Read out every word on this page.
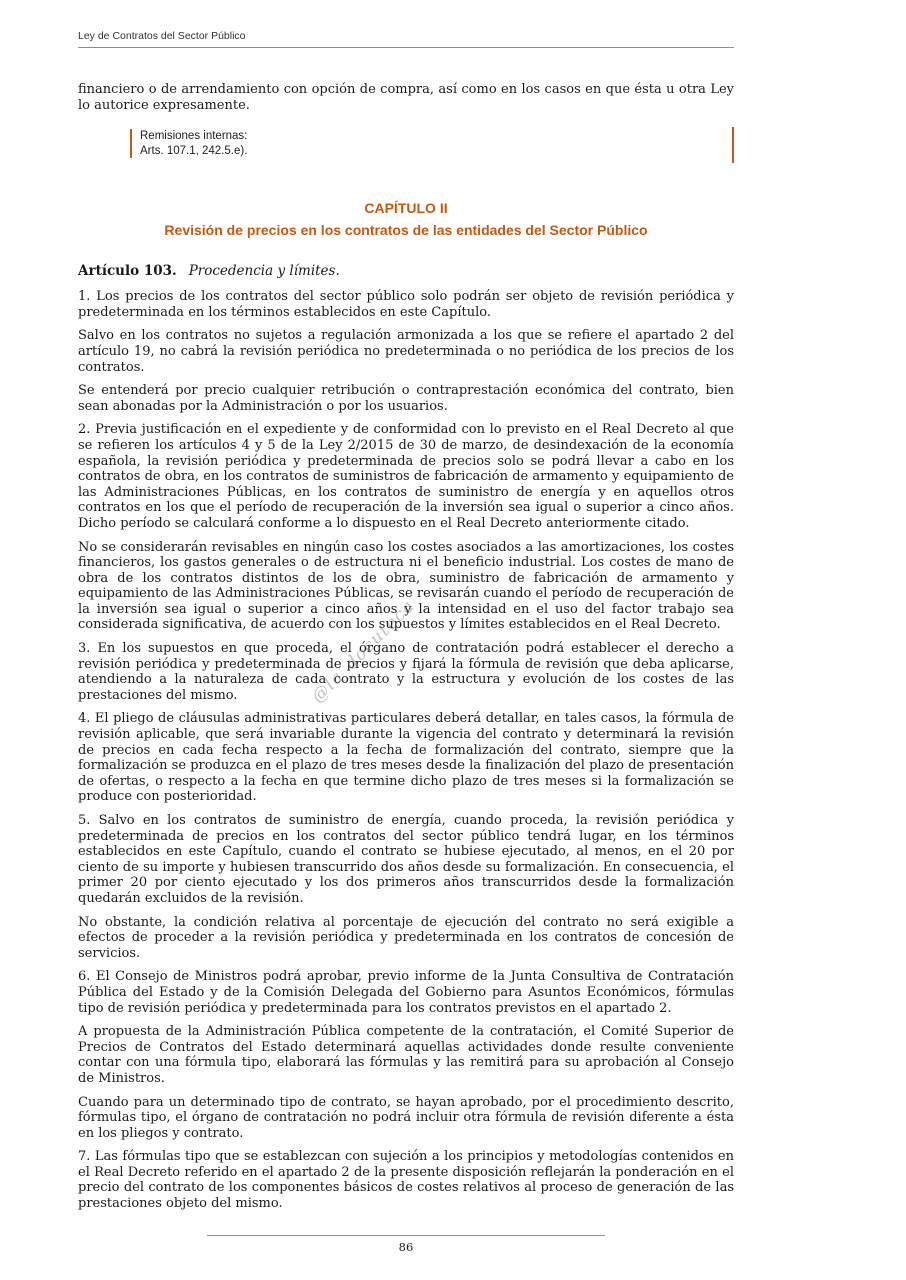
Ley de Contratos del Sector Público

financiero o de arrendamiento con opción de compra, así como en los casos en que ésta u otra Ley lo autorice expresamente.

Remisiones internas:
Arts. 107.1, 242.5.e).
CAPÍTULO II
Revisión de precios en los contratos de las entidades del Sector Público

Artículo 103. Procedencia y límites.

1. Los precios de los contratos del sector público solo podrán ser objeto de revisión periódica y predeterminada en los términos establecidos en este Capítulo.

Salvo en los contratos no sujetos a regulación armonizada a los que se refiere el apartado 2 del artículo 19, no cabrá la revisión periódica no predeterminada o no periódica de los precios de los contratos.

Se entenderá por precio cualquier retribución o contraprestación económica del contrato, bien sean abonadas por la Administración o por los usuarios.

2. Previa justificación en el expediente y de conformidad con lo previsto en el Real Decreto al que se refieren los artículos 4 y 5 de la Ley 2/2015 de 30 de marzo, de desindexación de la economía española, la revisión periódica y predeterminada de precios solo se podrá llevar a cabo en los contratos de obra, en los contratos de suministros de fabricación de armamento y equipamiento de las Administraciones Públicas, en los contratos de suministro de energía y en aquellos otros contratos en los que el período de recuperación de la inversión sea igual o superior a cinco años. Dicho período se calculará conforme a lo dispuesto en el Real Decreto anteriormente citado.

No se considerarán revisables en ningún caso los costes asociados a las amortizaciones, los costes financieros, los gastos generales o de estructura ni el beneficio industrial. Los costes de mano de obra de los contratos distintos de los de obra, suministro de fabricación de armamento y equipamiento de las Administraciones Públicas, se revisarán cuando el período de recuperación de la inversión sea igual o superior a cinco años y la intensidad en el uso del factor trabajo sea considerada significativa, de acuerdo con los supuestos y límites establecidos en el Real Decreto.

3. En los supuestos en que proceda, el órgano de contratación podrá establecer el derecho a revisión periódica y predeterminada de precios y fijará la fórmula de revisión que deba aplicarse, atendiendo a la naturaleza de cada contrato y la estructura y evolución de los costes de las prestaciones del mismo.

4. El pliego de cláusulas administrativas particulares deberá detallar, en tales casos, la fórmula de revisión aplicable, que será invariable durante la vigencia del contrato y determinará la revisión de precios en cada fecha respecto a la fecha de formalización del contrato, siempre que la formalización se produzca en el plazo de tres meses desde la finalización del plazo de presentación de ofertas, o respecto a la fecha en que termine dicho plazo de tres meses si la formalización se produce con posterioridad.

5. Salvo en los contratos de suministro de energía, cuando proceda, la revisión periódica y predeterminada de precios en los contratos del sector público tendrá lugar, en los términos establecidos en este Capítulo, cuando el contrato se hubiese ejecutado, al menos, en el 20 por ciento de su importe y hubiesen transcurrido dos años desde su formalización. En consecuencia, el primer 20 por ciento ejecutado y los dos primeros años transcurridos desde la formalización quedarán excluidos de la revisión.

No obstante, la condición relativa al porcentaje de ejecución del contrato no será exigible a efectos de proceder a la revisión periódica y predeterminada en los contratos de concesión de servicios.

6. El Consejo de Ministros podrá aprobar, previo informe de la Junta Consultiva de Contratación Pública del Estado y de la Comisión Delegada del Gobierno para Asuntos Económicos, fórmulas tipo de revisión periódica y predeterminada para los contratos previstos en el apartado 2.

A propuesta de la Administración Pública competente de la contratación, el Comité Superior de Precios de Contratos del Estado determinará aquellas actividades donde resulte conveniente contar con una fórmula tipo, elaborará las fórmulas y las remitirá para su aprobación al Consejo de Ministros.

Cuando para un determinado tipo de contrato, se hayan aprobado, por el procedimiento descrito, fórmulas tipo, el órgano de contratación no podrá incluir otra fórmula de revisión diferente a ésta en los pliegos y contrato.

7. Las fórmulas tipo que se establezcan con sujeción a los principios y metodologías contenidos en el Real Decreto referido en el apartado 2 de la presente disposición reflejarán la ponderación en el precio del contrato de los componentes básicos de costes relativos al proceso de generación de las prestaciones objeto del mismo.

@la_docuteca
86
